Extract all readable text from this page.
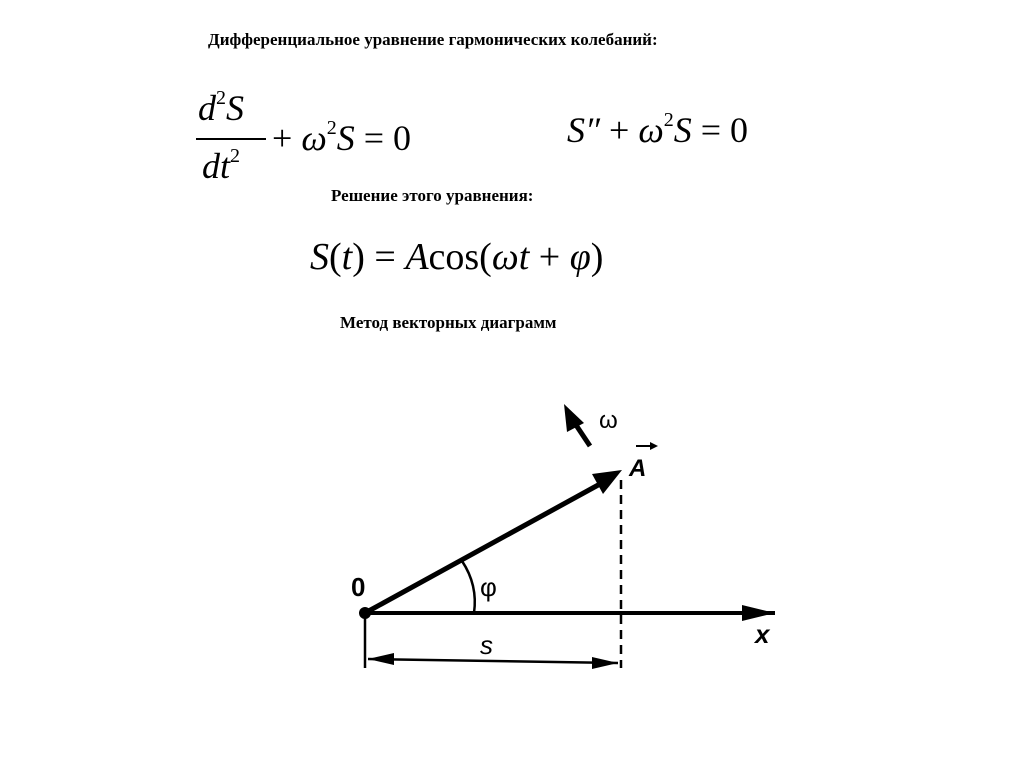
Дифференциальное уравнение гармонических колебаний:
$d^2S$
$dt^2 + \omega^2S = 0$	$S'' + \omega^2S = 0$
Решение этого уравнения:
S(t) = Acos(ωt + φ)
Метод векторных диаграмм
0
ω
A
φ
x
s
